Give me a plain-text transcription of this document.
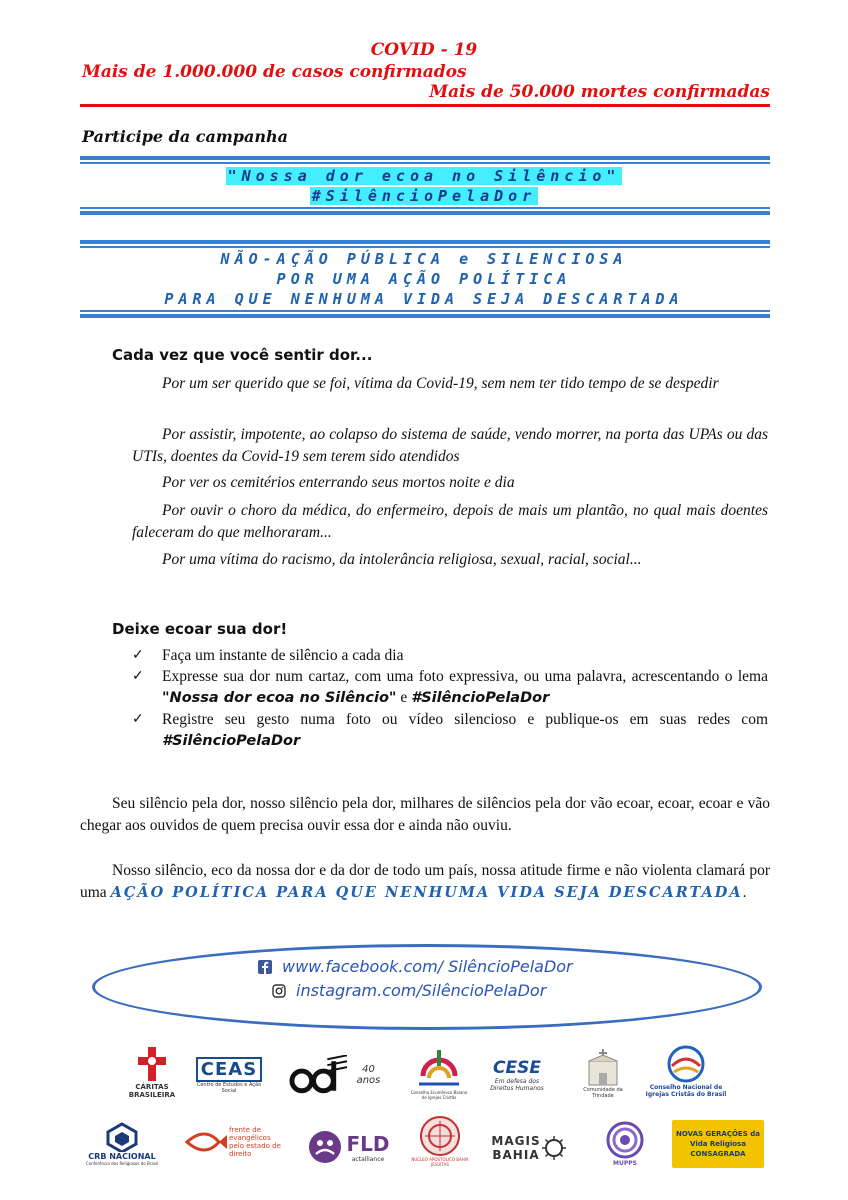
COVID - 19
Mais de 1.000.000 de casos confirmados
Mais de 50.000 mortes confirmadas
Participe da campanha
"Nossa dor ecoa no Silêncio"
#SilêncioPelaDor
NÃO-AÇÃO PÚBLICA e SILENCIOSA
POR UMA AÇÃO POLÍTICA
PARA QUE NENHUMA VIDA SEJA DESCARTADA
Cada vez que você sentir dor...
Por um ser querido que se foi, vítima da Covid-19, sem nem ter tido tempo de se despedir
Por assistir, impotente, ao colapso do sistema de saúde, vendo morrer, na porta das UPAs ou das UTIs, doentes da Covid-19 sem terem sido atendidos
Por ver os cemitérios enterrando seus mortos noite e dia
Por ouvir o choro da médica, do enfermeiro, depois de mais um plantão, no qual mais doentes faleceram do que melhoraram...
Por uma vítima do racismo, da intolerância religiosa, sexual, racial, social...
Deixe ecoar sua dor!
✓	Faça um instante de silêncio a cada dia
✓	Expresse sua dor num cartaz, com uma foto expressiva, ou uma palavra, acrescentando o lema "Nossa dor ecoa no Silêncio" e #SilêncioPelaDor
✓	Registre seu gesto numa foto ou vídeo silencioso e publique-os em suas redes com #SilêncioPelaDor
Seu silêncio pela dor, nosso silêncio pela dor, milhares de silêncios pela dor vão ecoar, ecoar, ecoar e vão chegar aos ouvidos de quem precisa ouvir essa dor e ainda não ouviu.
Nosso silêncio, eco da nossa dor e da dor de todo um país, nossa atitude firme e não violenta clamará por uma AÇÃO POLÍTICA PARA QUE NENHUMA VIDA SEJA DESCARTADA.
www.facebook.com/ SilêncioPelaDor
instagram.com/SilêncioPelaDor
CÁRITAS BRASILEIRA
CEAS
Centro de Estudos e Ação Social
40 anos
Conselho Ecumênico Baiano de Igrejas Cristãs
CESE
Em defesa dos Direitos Humanos	Comunidade da Trindade
Conselho Nacional de Igrejas Cristãs do Brasil
CRB NACIONAL
Conferência dos Religiosos do Brasil
frente de evangélicos pelo estado de direito	FLD
actalliance	NÚCLEO APOSTÓLICO BAHIA JESUÍTAS
MAGIS BAHIA
MUPPS
NOVAS GERAÇÕES da Vida Religiosa CONSAGRADA
